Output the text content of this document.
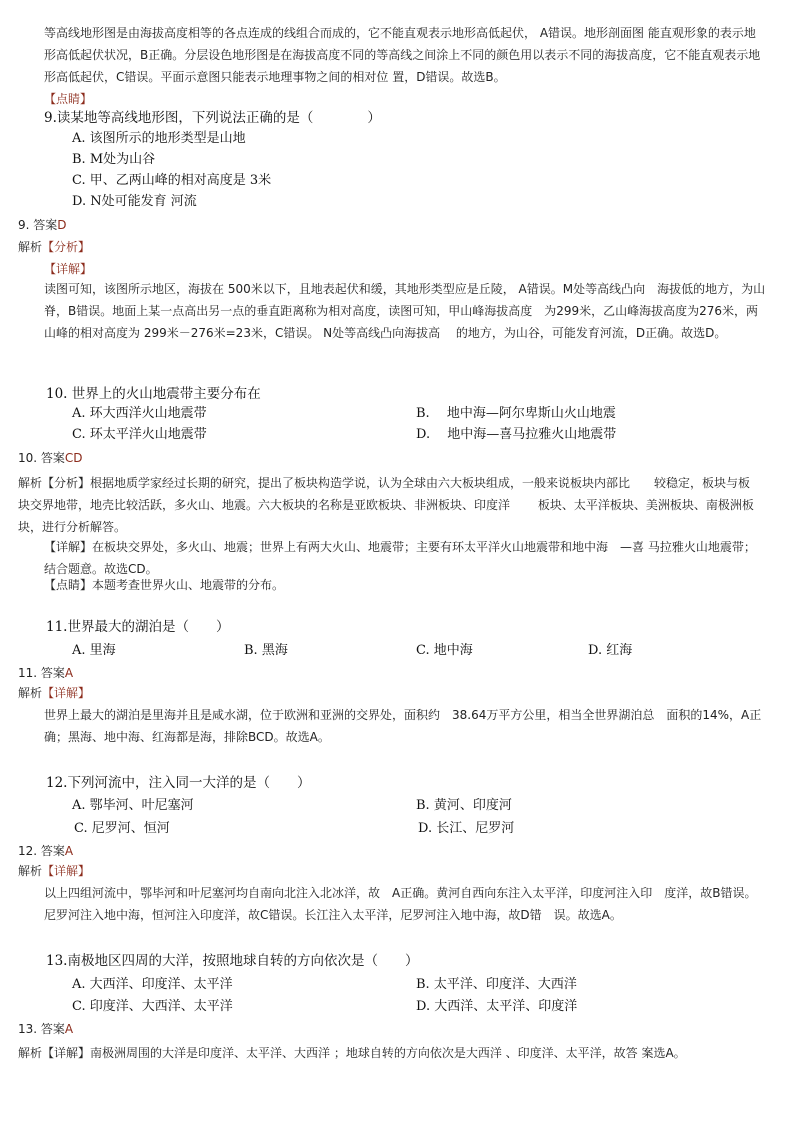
等高线地形图是由海拔高度相等的各点连成的线组合而成的，它不能直观表示地形高低起伏， A错误。地形剖面图 能直观形象的表示地形高低起伏状况，B正确。分层设色地形图是在海拔高度不同的等高线之间涂上不同的颜色用以表示不同的海拔高度，它不能直观表示地形高低起伏，C错误。平面示意图只能表示地理事物之间的相对位 置，D错误。故选B。

【点睛】
9.读某地等高线地形图，下列说法正确的是（　　　　）
A. 该图所示的地形类型是山地
B. M处为山谷
C. 甲、乙两山峰的相对高度是 3米
D. N处可能发育 河流
9. 答案D
解析【分析】
【详解】

读图可知，该图所示地区，海拔在 500米以下，且地表起伏和缓，其地形类型应是丘陵， A错误。M处等高线凸向　海拔低的地方，为山脊，B错误。地面上某一点高出另一点的垂直距离称为相对高度，读图可知，甲山峰海拔高度　为299米，乙山峰海拔高度为276米，两山峰的相对高度为 299米－276米=23米，C错误。 N处等高线凸向海拔高　 的地方，为山谷，可能发育河流，D正确。故选D。

10. 世界上的火山地震带主要分布在
A. 环大西洋火山地震带	B.　 地中海—阿尔卑斯山火山地震
C. 环太平洋火山地震带	D.　 地中海—喜马拉雅火山地震带
10. 答案CD

解析【分析】根据地质学家经过长期的研究，提出了板块构造学说，认为全球由六大板块组成，一般来说板块内部比　　较稳定，板块与板块交界地带，地壳比较活跃，多火山、地震。六大板块的名称是亚欧板块、非洲板块、印度洋　　 板块、太平洋板块、美洲板块、南极洲板块，进行分析解答。

【详解】在板块交界处，多火山、地震；世界上有两大火山、地震带；主要有环太平洋火山地震带和地中海　—喜 马拉雅火山地震带；结合题意。故选CD。

【点睛】本题考查世界火山、地震带的分布。

11.世界最大的湖泊是（　　）
A. 里海	B. 黑海	C. 地中海	D. 红海
11. 答案A
解析【详解】

世界上最大的湖泊是里海并且是咸水湖，位于欧洲和亚洲的交界处，面积约　38.64万平方公里，相当全世界湖泊总　面积的14%，A正确；黑海、地中海、红海都是海，排除BCD。故选A。

12.下列河流中，注入同一大洋的是（　　）
A. 鄂毕河、叶尼塞河	B. 黄河、印度河
C. 尼罗河、恒河	D. 长江、尼罗河
12. 答案A
解析【详解】

以上四组河流中，鄂毕河和叶尼塞河均自南向北注入北冰洋，故　A正确。黄河自西向东注入太平洋，印度河注入印　度洋，故B错误。尼罗河注入地中海，恒河注入印度洋，故C错误。长江注入太平洋，尼罗河注入地中海，故D错　误。故选A。

13.南极地区四周的大洋，按照地球自转的方向依次是（　　）
A. 大西洋、印度洋、太平洋	B. 太平洋、印度洋、大西洋
C. 印度洋、大西洋、太平洋	D. 大西洋、太平洋、印度洋
13. 答案A

解析【详解】南极洲周围的大洋是印度洋、太平洋、大西洋 ；地球自转的方向依次是大西洋 、印度洋、太平洋，故答 案选A。
